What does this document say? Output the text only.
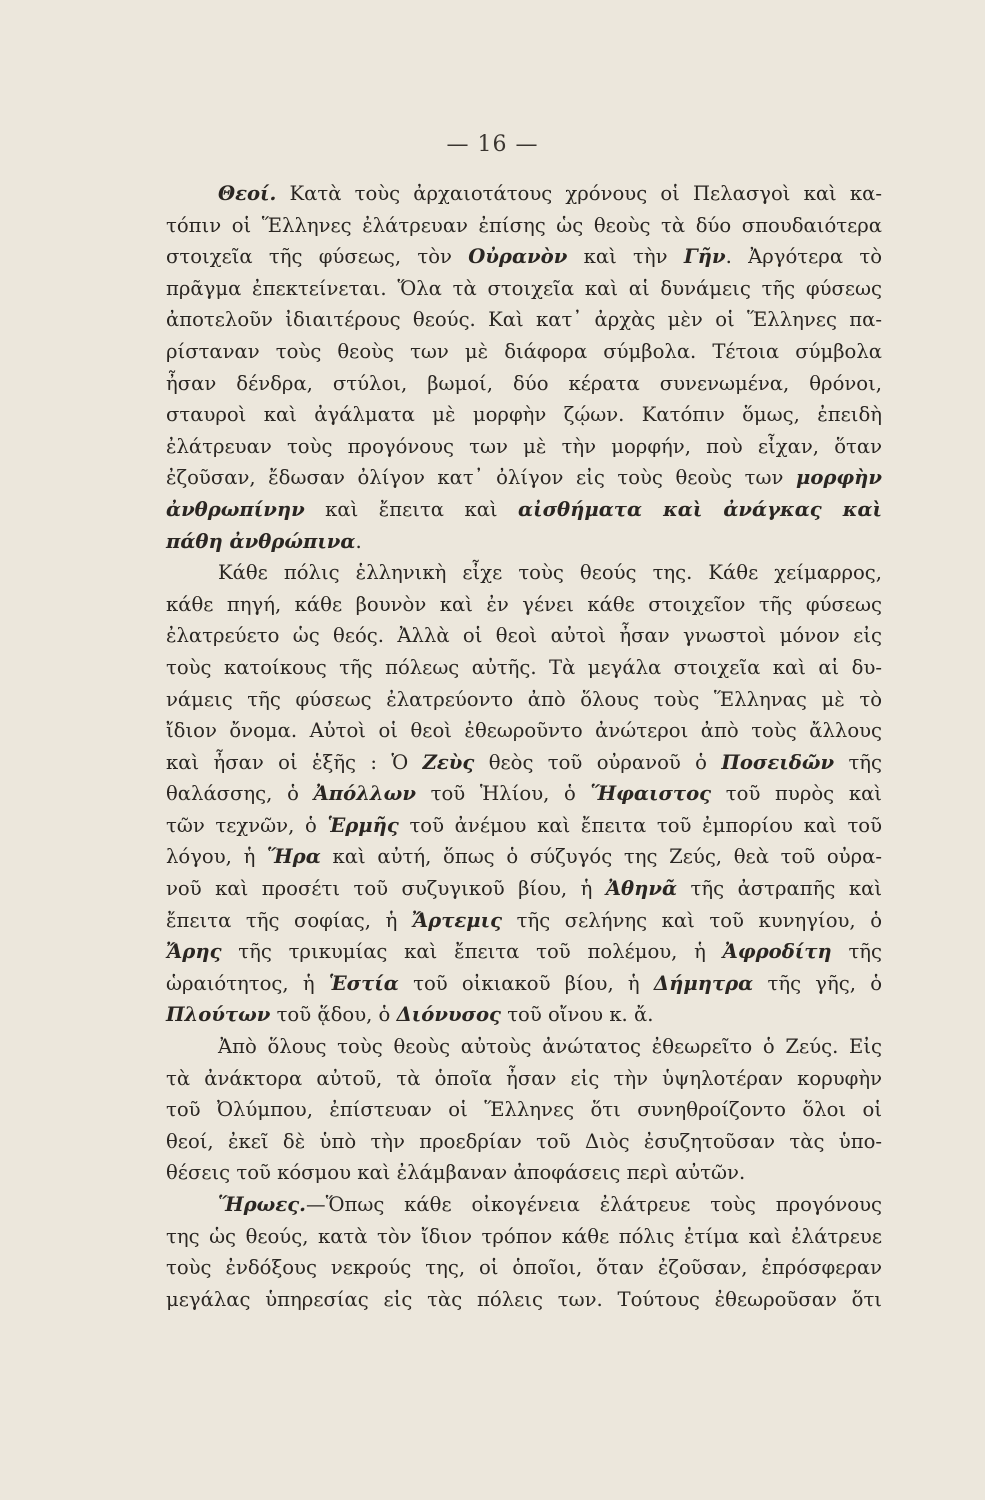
— 16 —
Θεοί. Κατὰ τοὺς ἀρχαιοτάτους χρόνους οἱ Πελασγοὶ καὶ κα-
τόπιν οἱ Ἕλληνες ἐλάτρευαν ἐπίσης ὡς θεοὺς τὰ δύο σπουδαιότερα
στοιχεῖα τῆς φύσεως, τὸν Οὐρανὸν καὶ τὴν Γῆν. Ἀργότερα τὸ
πρᾶγμα ἐπεκτείνεται. Ὅλα τὰ στοιχεῖα καὶ αἱ δυνάμεις τῆς φύσεως
ἀποτελοῦν ἰδιαιτέρους θεούς. Καὶ κατ᾽ ἀρχὰς μὲν οἱ Ἕλληνες πα-
ρίσταναν τοὺς θεοὺς των μὲ διάφορα σύμβολα. Τέτοια σύμβολα
ἦσαν δένδρα, στύλοι, βωμοί, δύο κέρατα συνενωμένα, θρόνοι,
σταυροὶ καὶ ἀγάλματα μὲ μορφὴν ζῴων. Κατόπιν ὅμως, ἐπειδὴ
ἐλάτρευαν τοὺς προγόνους των μὲ τὴν μορφήν, ποὺ εἶχαν, ὅταν
ἐζοῦσαν, ἔδωσαν ὀλίγον κατ᾽ ὀλίγον εἰς τοὺς θεοὺς των μορφὴν
ἀνθρωπίνην καὶ ἔπειτα καὶ αἰσθήματα καὶ ἀνάγκας καὶ
πάθη ἀνθρώπινα.
Κάθε πόλις ἑλληνικὴ εἶχε τοὺς θεούς της. Κάθε χείμαρρος,
κάθε πηγή, κάθε βουνὸν καὶ ἐν γένει κάθε στοιχεῖον τῆς φύσεως
ἐλατρεύετο ὡς θεός. Ἀλλὰ οἱ θεοὶ αὐτοὶ ἦσαν γνωστοὶ μόνον εἰς
τοὺς κατοίκους τῆς πόλεως αὐτῆς. Τὰ μεγάλα στοιχεῖα καὶ αἱ δυ-
νάμεις τῆς φύσεως ἐλατρεύοντο ἀπὸ ὅλους τοὺς Ἕλληνας μὲ τὸ
ἴδιον ὄνομα. Αὐτοὶ οἱ θεοὶ ἐθεωροῦντο ἀνώτεροι ἀπὸ τοὺς ἄλλους
καὶ ἦσαν οἱ ἑξῆς : Ὁ Ζεὺς θεὸς τοῦ οὐρανοῦ ὁ Ποσειδῶν τῆς
θαλάσσης, ὁ Ἀπόλλων τοῦ Ἡλίου, ὁ Ἥφαιστος τοῦ πυρὸς καὶ
τῶν τεχνῶν, ὁ Ἑρμῆς τοῦ ἀνέμου καὶ ἔπειτα τοῦ ἐμπορίου καὶ τοῦ
λόγου, ἡ Ἥρα καὶ αὐτή, ὅπως ὁ σύζυγός της Ζεύς, θεὰ τοῦ οὐρα-
νοῦ καὶ προσέτι τοῦ συζυγικοῦ βίου, ἡ Ἀθηνᾶ τῆς ἀστραπῆς καὶ
ἔπειτα τῆς σοφίας, ἡ Ἄρτεμις τῆς σελήνης καὶ τοῦ κυνηγίου, ὁ
Ἄρης τῆς τρικυμίας καὶ ἔπειτα τοῦ πολέμου, ἡ Ἀφροδίτη τῆς
ὡραιότητος, ἡ Ἑστία τοῦ οἰκιακοῦ βίου, ἡ Δήμητρα τῆς γῆς, ὁ
Πλούτων τοῦ ᾅδου, ὁ Διόνυσος τοῦ οἴνου κ. ἄ.
Ἀπὸ ὅλους τοὺς θεοὺς αὐτοὺς ἀνώτατος ἐθεωρεῖτο ὁ Ζεύς. Εἰς
τὰ ἀνάκτορα αὐτοῦ, τὰ ὁποῖα ἦσαν εἰς τὴν ὑψηλοτέραν κορυφὴν
τοῦ Ὀλύμπου, ἐπίστευαν οἱ Ἕλληνες ὅτι συνηθροίζοντο ὅλοι οἱ
θεοί, ἐκεῖ δὲ ὑπὸ τὴν προεδρίαν τοῦ Διὸς ἐσυζητοῦσαν τὰς ὑπο-
θέσεις τοῦ κόσμου καὶ ἐλάμβαναν ἀποφάσεις περὶ αὐτῶν.
Ἥρωες.—Ὅπως κάθε οἰκογένεια ἐλάτρευε τοὺς προγόνους
της ὡς θεούς, κατὰ τὸν ἴδιον τρόπον κάθε πόλις ἐτίμα καὶ ἐλάτρευε
τοὺς ἐνδόξους νεκρούς της, οἱ ὁποῖοι, ὅταν ἐζοῦσαν, ἐπρόσφεραν
μεγάλας ὑπηρεσίας εἰς τὰς πόλεις των. Τούτους ἐθεωροῦσαν ὅτι
